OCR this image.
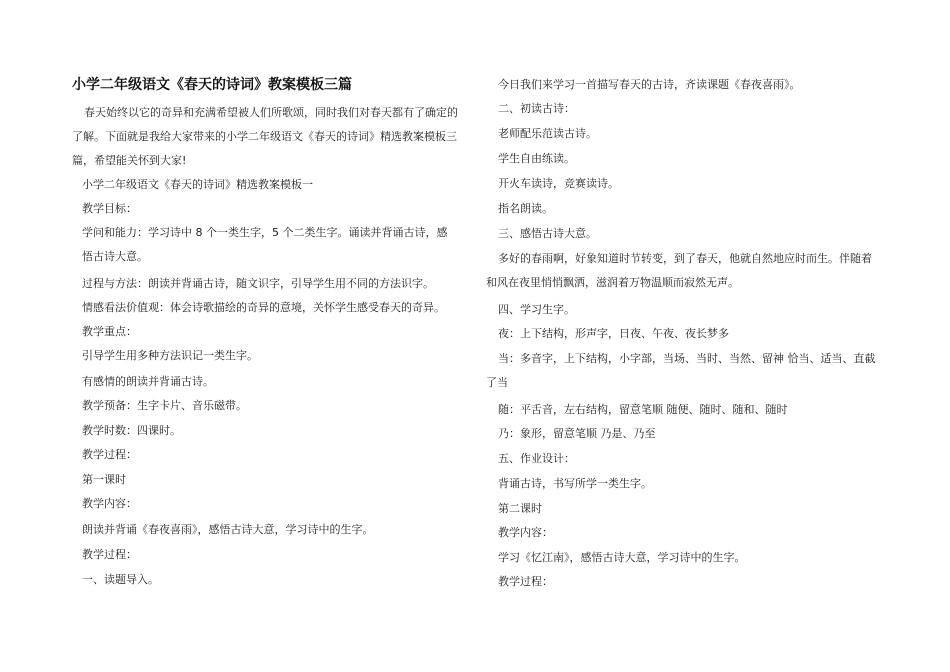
小学二年级语文《春天的诗词》教案模板三篇

春天始终以它的奇异和充满希望被人们所歌颂，同时我们对春天都有了确定的了解。下面就是我给大家带来的小学二年级语文《春天的诗词》精选教案模板三篇，希望能关怀到大家!

小学二年级语文《春天的诗词》精选教案模板一

教学目标：

学问和能力：学习诗中 8 个一类生字，5 个二类生字。诵读并背诵古诗，感悟古诗大意。

过程与方法：朗读并背诵古诗，随文识字，引导学生用不同的方法识字。

情感看法价值观：体会诗歌描绘的奇异的意境，关怀学生感受春天的奇异。

教学重点：

引导学生用多种方法识记一类生字。

有感情的朗读并背诵古诗。

教学预备：生字卡片、音乐磁带。

教学时数：四课时。

教学过程：

第一课时

教学内容：

朗读并背诵《春夜喜雨》，感悟古诗大意，学习诗中的生字。

教学过程：

一、读题导入。

今日我们来学习一首描写春天的古诗，齐读课题《春夜喜雨》。

二、初读古诗：

老师配乐范读古诗。

学生自由练读。

开火车读诗，竞赛读诗。

指名朗读。

三、感悟古诗大意。

多好的春雨啊，好象知道时节转变，到了春天，他就自然地应时而生。伴随着和风在夜里悄悄飘洒，滋润着万物温顺而寂然无声。

四、学习生字。

夜：上下结构，形声字，日夜、午夜、夜长梦多

当：多音字，上下结构，小字部，当场、当时、当然、留神 恰当、适当、直截了当

随：平舌音，左右结构，留意笔顺 随便、随时、随和、随时

乃：象形，留意笔顺 乃是、乃至

五、作业设计：

背诵古诗，书写所学一类生字。

第二课时

教学内容：

学习《忆江南》，感悟古诗大意，学习诗中的生字。

教学过程：
